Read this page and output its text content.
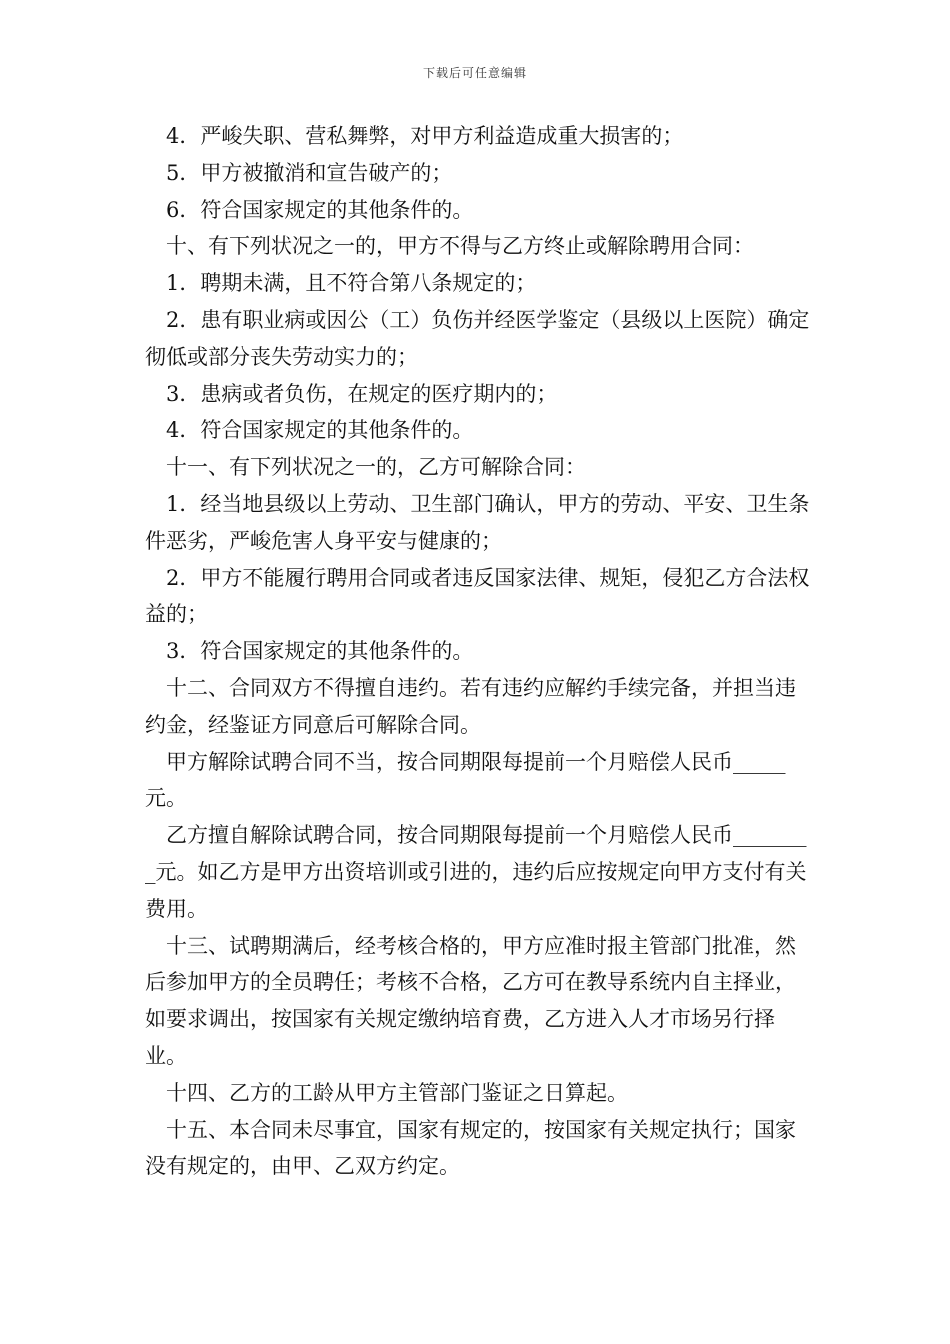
下载后可任意编辑

4．严峻失职、营私舞弊，对甲方利益造成重大损害的；

5．甲方被撤消和宣告破产的；

6．符合国家规定的其他条件的。

十、有下列状况之一的，甲方不得与乙方终止或解除聘用合同：

1．聘期未满，且不符合第八条规定的；

2．患有职业病或因公（工）负伤并经医学鉴定（县级以上医院）确定彻低或部分丧失劳动实力的；

3．患病或者负伤，在规定的医疗期内的；

4．符合国家规定的其他条件的。

十一、有下列状况之一的，乙方可解除合同：

1．经当地县级以上劳动、卫生部门确认，甲方的劳动、平安、卫生条件恶劣，严峻危害人身平安与健康的；

2．甲方不能履行聘用合同或者违反国家法律、规矩，侵犯乙方合法权益的；

3．符合国家规定的其他条件的。

十二、合同双方不得擅自违约。若有违约应解约手续完备，并担当违约金，经鉴证方同意后可解除合同。

甲方解除试聘合同不当，按合同期限每提前一个月赔偿人民币_____元。

乙方擅自解除试聘合同，按合同期限每提前一个月赔偿人民币________元。如乙方是甲方出资培训或引进的，违约后应按规定向甲方支付有关费用。

十三、试聘期满后，经考核合格的，甲方应准时报主管部门批准，然后参加甲方的全员聘任；考核不合格，乙方可在教导系统内自主择业，如要求调出，按国家有关规定缴纳培育费，乙方进入人才市场另行择业。

十四、乙方的工龄从甲方主管部门鉴证之日算起。

十五、本合同未尽事宜，国家有规定的，按国家有关规定执行；国家没有规定的，由甲、乙双方约定。
